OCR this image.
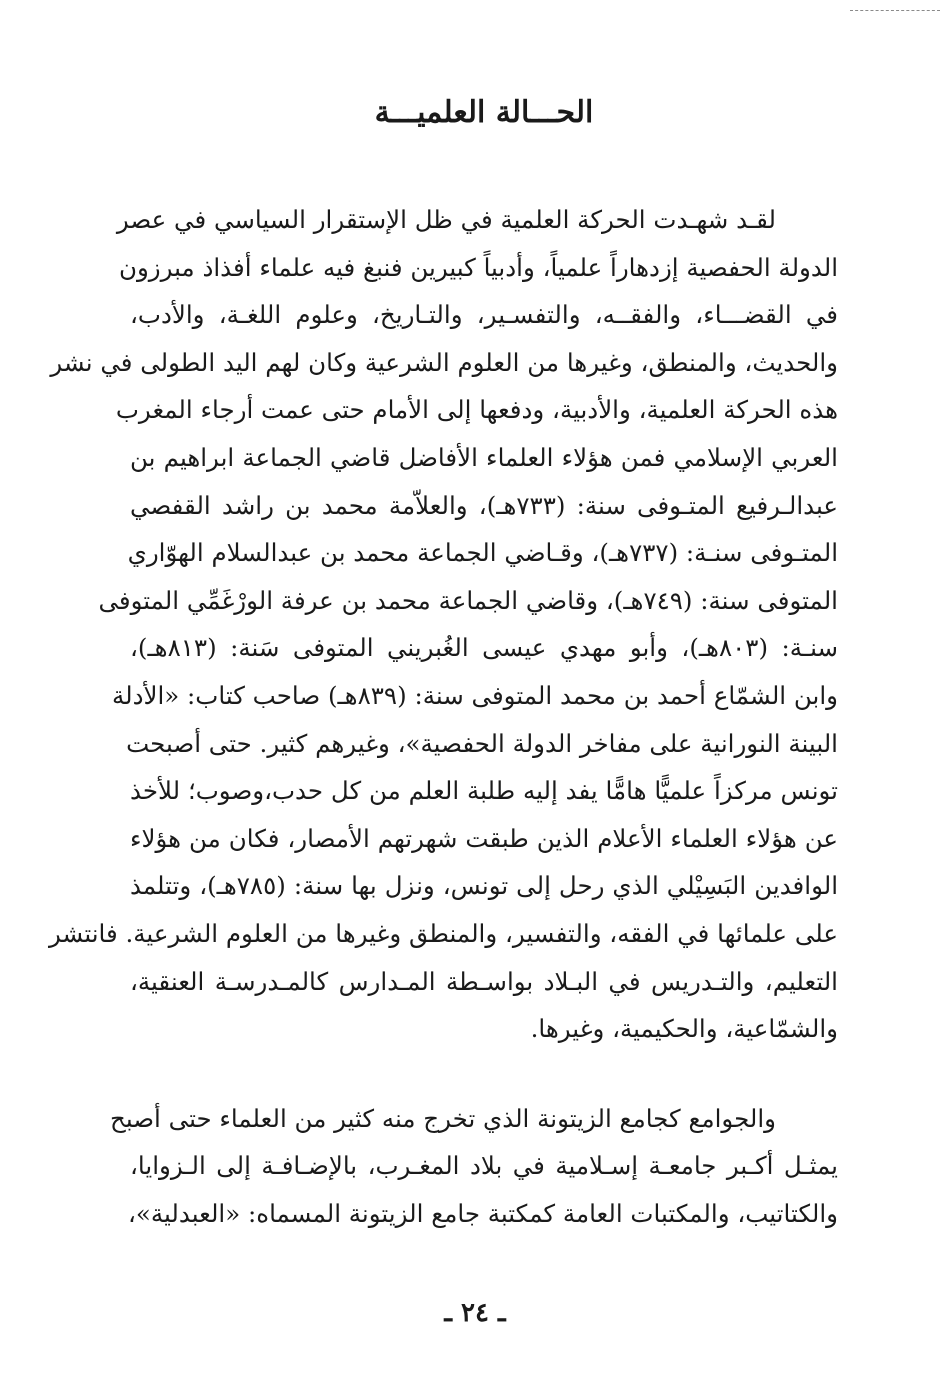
الحـــالة العلميـــة

لقـد شهـدت الحركة العلمية في ظل الإستقرار السياسي في عصر
الدولة الحفصية إزدهاراً علمياً، وأدبياً كبيرين فنبغ فيه علماء أفذاذ مبرزون
في القضـــاء، والفقــه، والتفسـير، والتـاريخ، وعلوم اللغـة، والأدب،
والحديث، والمنطق، وغيرها من العلوم الشرعية وكان لهم اليد الطولى في نشر
هذه الحركة العلمية، والأدبية، ودفعها إلى الأمام حتى عمت أرجاء المغرب
العربي الإسلامي فمن هؤلاء العلماء الأفاضل قاضي الجماعة ابراهيم بن
عبدالـرفيع المتـوفى سنة: (٧٣٣هـ)، والعلاّمة محمد بن راشد القفصي
المتـوفى سنـة: (٧٣٧هـ)، وقـاضي الجماعة محمد بن عبدالسلام الهوّاري
المتوفى سنة: (٧٤٩هـ)، وقاضي الجماعة محمد بن عرفة الورْغَمِّي المتوفى
سنـة: (٨٠٣هـ)، وأبو مهدي عيسى الغُبريني المتوفى سَنة: (٨١٣هـ)،
وابن الشمّاع أحمد بن محمد المتوفى سنة: (٨٣٩هـ) صاحب كتاب: «الأدلة
البينة النورانية على مفاخر الدولة الحفصية»، وغيرهم كثير. حتى أصبحت
تونس مركزاً علميًّا هامًّا يفد إليه طلبة العلم من كل حدب،وصوب؛ للأخذ
عن هؤلاء العلماء الأعلام الذين طبقت شهرتهم الأمصار، فكان من هؤلاء
الوافدين البَسِيْلي الذي رحل إلى تونس، ونزل بها سنة: (٧٨٥هـ)، وتتلمذ
على علمائها في الفقه، والتفسير، والمنطق وغيرها من العلوم الشرعية. فانتشر
التعليم، والتـدريس في البـلاد بواسـطة المـدارس كالمـدرسـة العنقية،
والشمّاعية، والحكيمية، وغيرها.

والجوامع كجامع الزيتونة الذي تخرج منه كثير من العلماء حتى أصبح
يمثـل أكـبر جامعـة إسـلامية في بلاد المغـرب، بالإضـافـة إلى الـزوايا،
والكتاتيب، والمكتبات العامة كمكتبة جامع الزيتونة المسماه: «العبدلية»،

ـ ٢٤ ـ
